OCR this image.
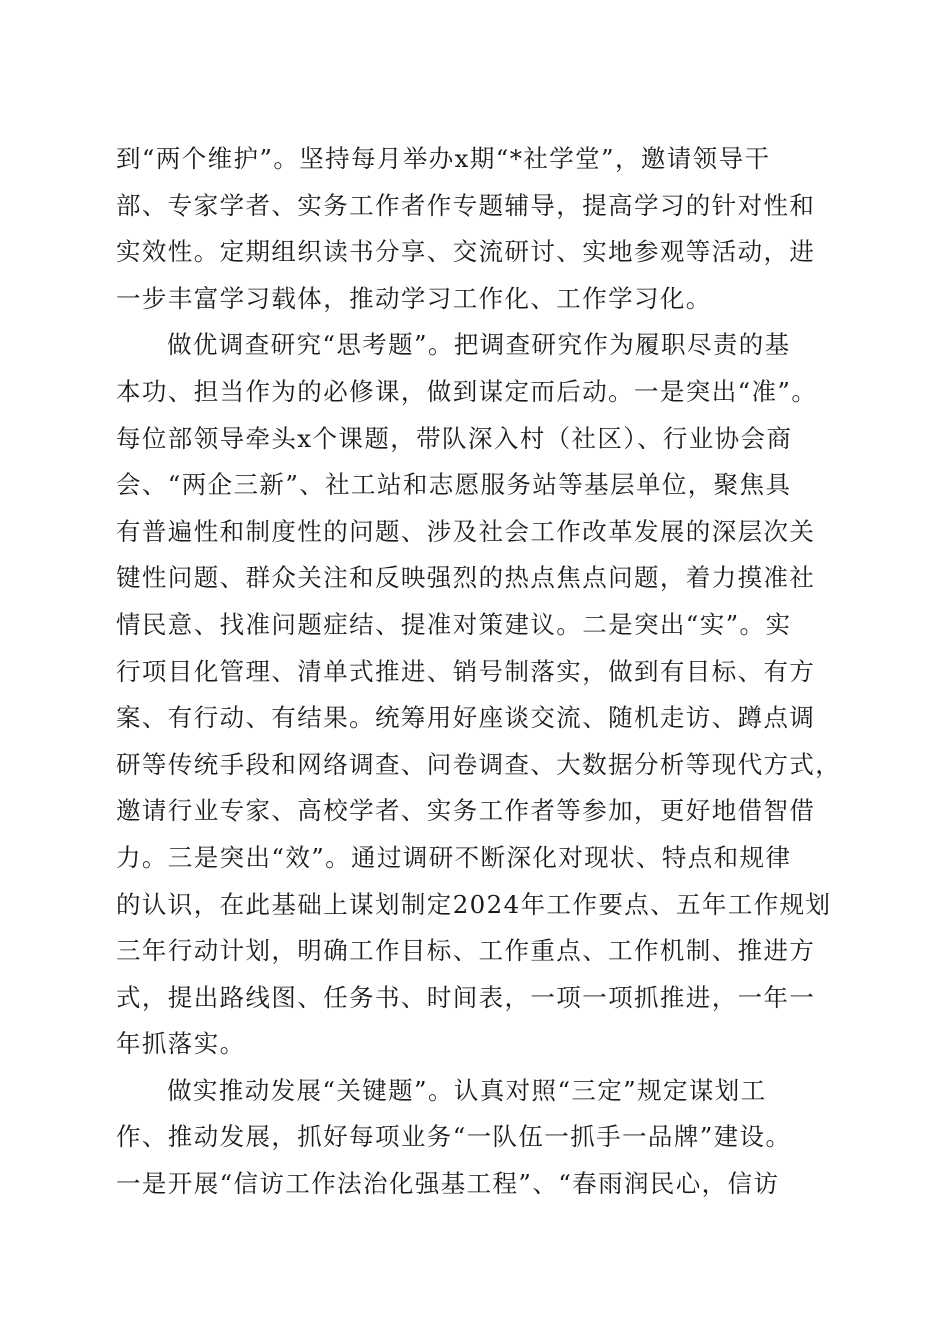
到“两个维护”。坚持每月举办x期“*社学堂”，邀请领导干
部、专家学者、实务工作者作专题辅导，提高学习的针对性和
实效性。定期组织读书分享、交流研讨、实地参观等活动，进
一步丰富学习载体，推动学习工作化、工作学习化。
做优调查研究“思考题”。把调查研究作为履职尽责的基
本功、担当作为的必修课，做到谋定而后动。一是突出“准”。
每位部领导牵头x个课题，带队深入村（社区）、行业协会商
会、“两企三新”、社工站和志愿服务站等基层单位，聚焦具
有普遍性和制度性的问题、涉及社会工作改革发展的深层次关
键性问题、群众关注和反映强烈的热点焦点问题，着力摸准社
情民意、找准问题症结、提准对策建议。二是突出“实”。实
行项目化管理、清单式推进、销号制落实，做到有目标、有方
案、有行动、有结果。统筹用好座谈交流、随机走访、蹲点调
研等传统手段和网络调查、问卷调查、大数据分析等现代方式，
邀请行业专家、高校学者、实务工作者等参加，更好地借智借
力。三是突出“效”。通过调研不断深化对现状、特点和规律
的认识，在此基础上谋划制定2024年工作要点、五年工作规划
三年行动计划，明确工作目标、工作重点、工作机制、推进方
式，提出路线图、任务书、时间表，一项一项抓推进，一年一
年抓落实。
做实推动发展“关键题”。认真对照“三定”规定谋划工
作、推动发展，抓好每项业务“一队伍一抓手一品牌”建设。
一是开展“信访工作法治化强基工程”、“春雨润民心，信访
